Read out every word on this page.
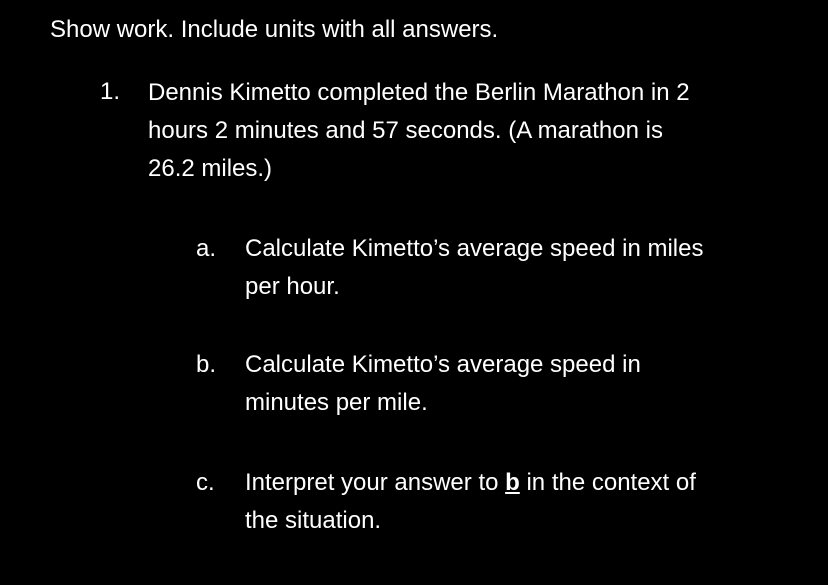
Show work. Include units with all answers.
1. Dennis Kimetto completed the Berlin Marathon in 2
hours 2 minutes and 57 seconds. (A marathon is
26.2 miles.)
a.	Calculate Kimetto’s average speed in miles
per hour.
b.	Calculate Kimetto’s average speed in
minutes per mile.
c.	Interpret your answer to b in the context of
the situation.
